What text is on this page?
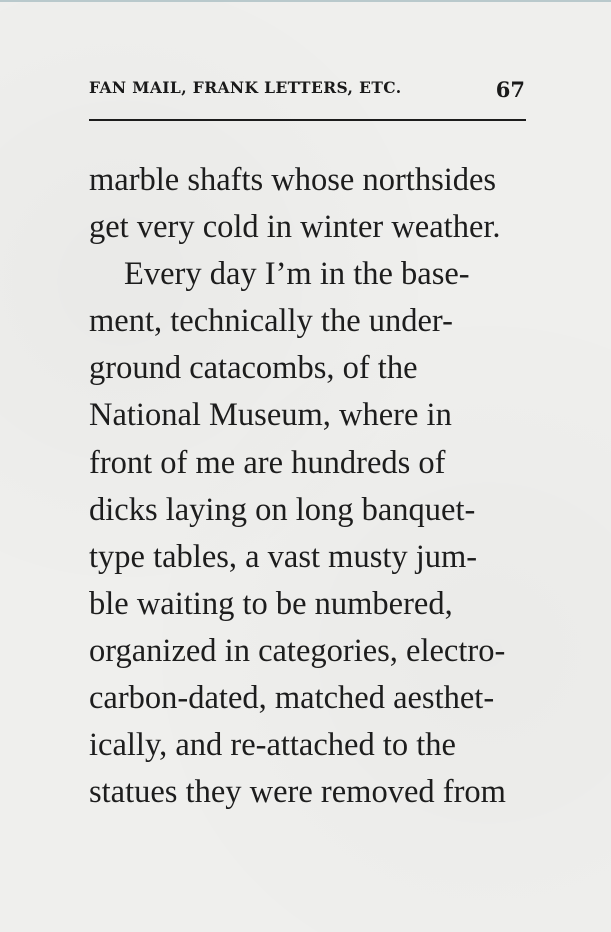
FAN MAIL, FRANK LETTERS, ETC.	67
marble shafts whose northsides
get very cold in winter weather.
Every day I’m in the base-
ment, technically the under-
ground catacombs, of the
National Museum, where in
front of me are hundreds of
dicks laying on long banquet-
type tables, a vast musty jum-
ble waiting to be numbered,
organized in categories, electro-
carbon-dated, matched aesthet-
ically, and re-attached to the
statues they were removed from
